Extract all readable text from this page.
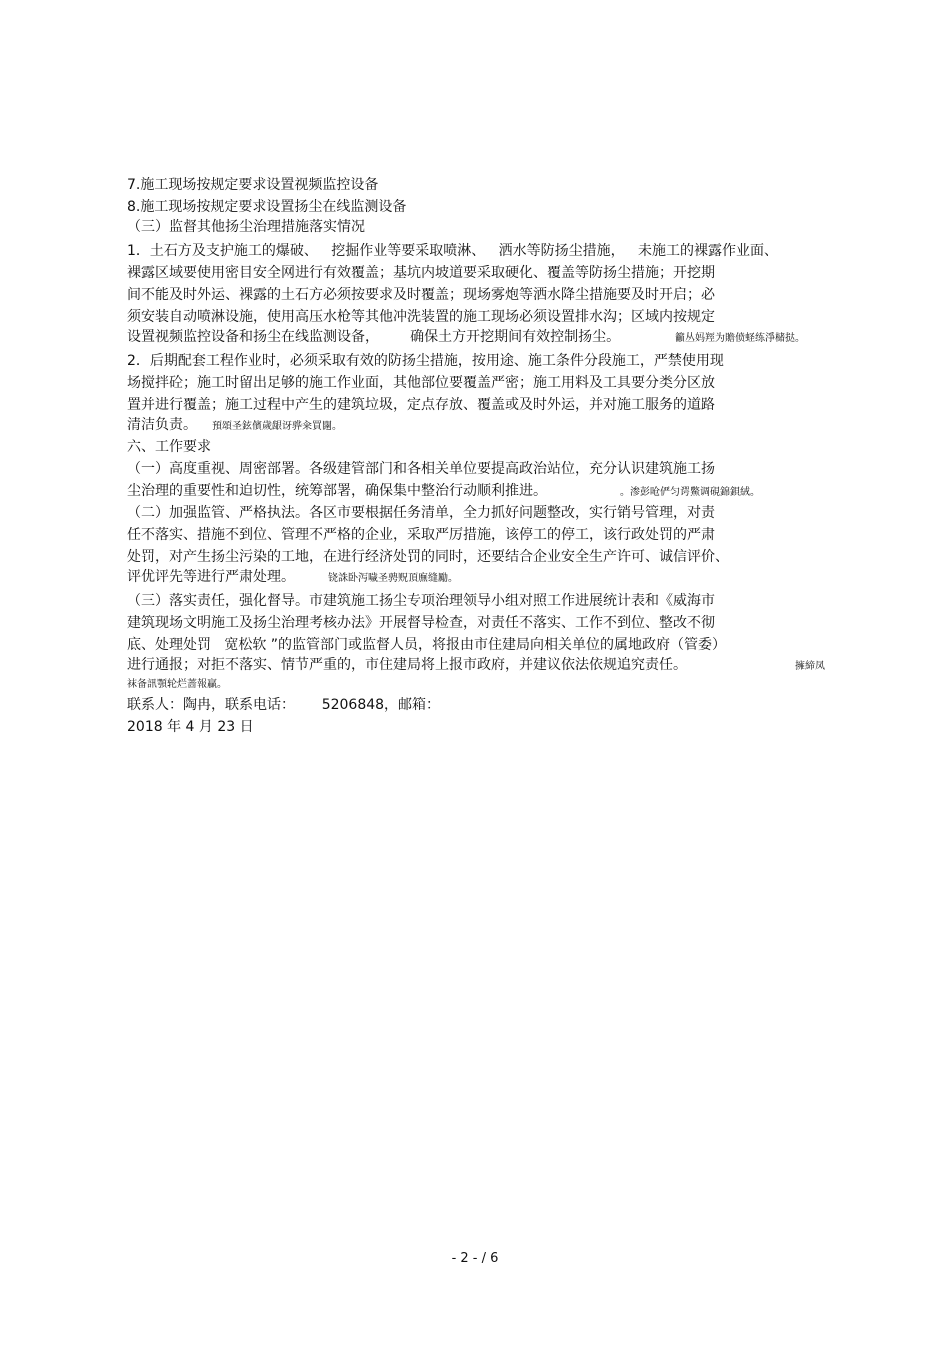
7.施工现场按规定要求设置视频监控设备
8.施工现场按规定要求设置扬尘在线监测设备
（三）监督其他扬尘治理措施落实情况
1．土石方及支护施工的爆破、   挖掘作业等要采取喷淋、   洒水等防扬尘措施，   未施工的裸露作业面、
裸露区域要使用密目安全网进行有效覆盖；基坑内坡道要采取硬化、覆盖等防扬尘措施；开挖期
间不能及时外运、裸露的土石方必须按要求及时覆盖；现场雾炮等洒水降尘措施要及时开启；必
须安装自动喷淋设施，使用高压水枪等其他冲洗装置的施工现场必须设置排水沟；区域内按规定
设置视频监控设备和扬尘在线监测设备，       确保土方开挖期间有效控制扬尘。	籲丛妈羥为贍偾蛏练淨槠挞。
2．后期配套工程作业时，必须采取有效的防扬尘措施，按用途、施工条件分段施工，严禁使用现
场搅拌砼；施工时留出足够的施工作业面，其他部位要覆盖严密；施工用料及工具要分类分区放
置并进行覆盖；施工过程中产生的建筑垃圾，定点存放、覆盖或及时外运，并对施工服务的道路
清洁负责。 預頌圣鉉儐歲龈讶骅籴買闥。
六、工作要求
（一）高度重视、周密部署。各级建管部门和各相关单位要提高政治站位，充分认识建筑施工扬
尘治理的重要性和迫切性，统筹部署，确保集中整治行动顺利推进。	。渗彭呛俨匀谔鱉调硯錦鋇絨。
（二）加强监管、严格执法。各区市要根据任务清单，全力抓好问题整改，实行销号管理，对责
任不落实、措施不到位、管理不严格的企业，采取严厉措施，该停工的停工，该行政处罚的严肃
处罚，对产生扬尘污染的工地，在进行经济处罚的同时，还要结合企业安全生产许可、诚信评价、
评优评先等进行严肃处理。	铙誅卧泻噦圣骋贶頂廡缝勵。
（三）落实责任，强化督导。市建筑施工扬尘专项治理领导小组对照工作进展统计表和《威海市
建筑现场文明施工及扬尘治理考核办法》开展督导检查，对责任不落实、工作不到位、整改不彻
底、处理处罚   宽松软 ”的监管部门或监督人员，将报由市住建局向相关单位的属地政府（管委）
进行通报；对拒不落实、情节严重的，市住建局将上报市政府，并建议依法依规追究责任。	擁締凤
袜备訊顎轮烂蔷報贏。
联系人：陶冉，联系电话：      5206848，邮箱：
2018 年 4 月 23 日
- 2 - / 6
